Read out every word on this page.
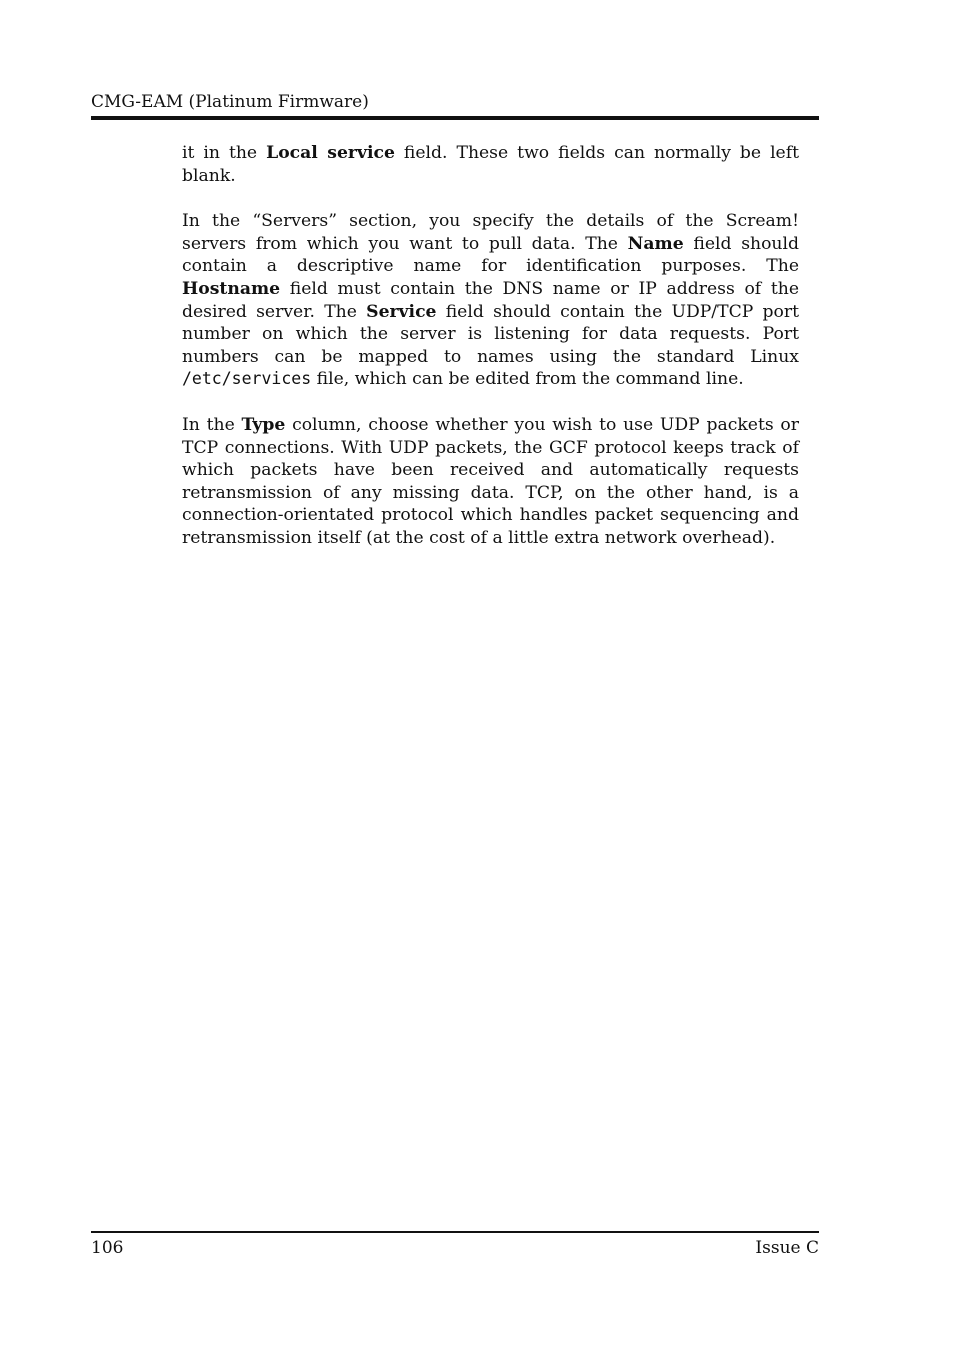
CMG-EAM (Platinum Firmware)

it in the Local service field. These two fields can normally be left blank.

In the “Servers” section, you specify the details of the Scream! servers from which you want to pull data. The Name field should contain a descriptive name for identification purposes. The Hostname field must contain the DNS name or IP address of the desired server. The Service field should contain the UDP/TCP port number on which the server is listening for data requests. Port numbers can be mapped to names using the standard Linux /etc/services file, which can be edited from the command line.

In the Type column, choose whether you wish to use UDP packets or TCP connections. With UDP packets, the GCF protocol keeps track of which packets have been received and automatically requests retransmission of any missing data. TCP, on the other hand, is a connection-orientated protocol which handles packet sequencing and retransmission itself (at the cost of a little extra network overhead).

106	Issue C
